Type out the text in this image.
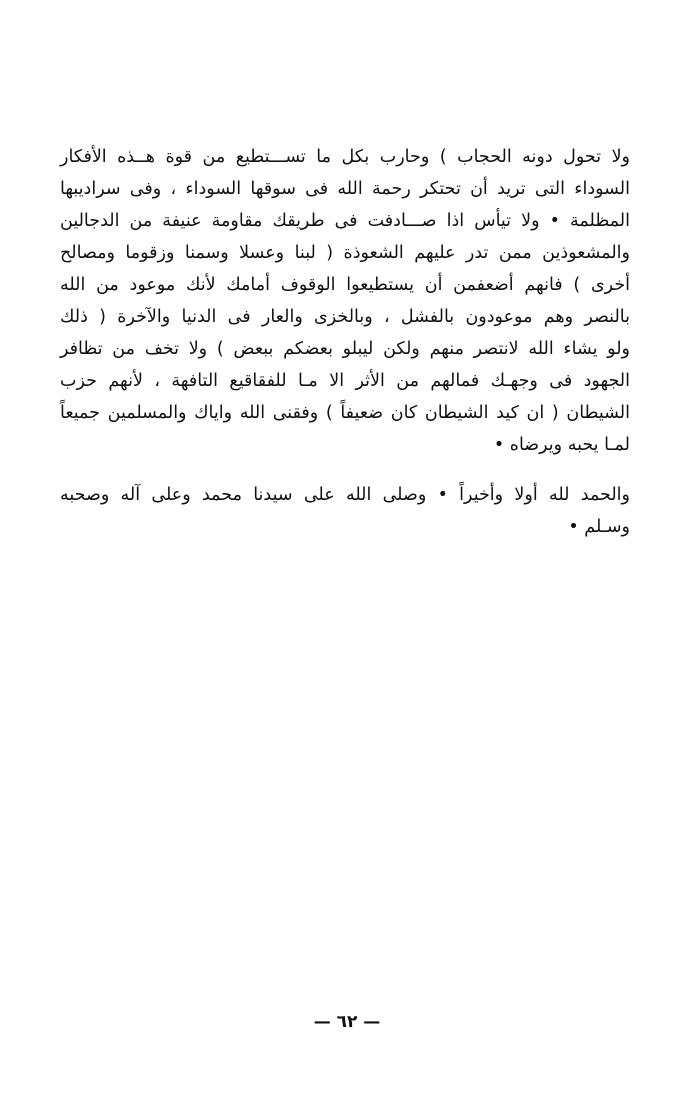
ولا تحول دونه الحجاب ) وحارب بكل ما تســـتطيع من قوة هــذه الأفكار
السوداء التى تريد أن تحتكر رحمة الله فى سوقها السوداء ، وفى سراديبها
المظلمة • ولا تيأس اذا صـــادفت فى طريقك مقاومة عنيفة من الدجالين
والمشعوذين ممن تدر عليهم الشعوذة ( لبنا وعسلا وسمنا وزقوما ومصالح
أخرى ) فانهم أضعفمن أن يستطيعوا الوقوف أمامك لأنك موعود من الله
بالنصر وهم موعودون بالفشل ، وبالخزى والعار فى الدنيا والآخرة ( ذلك
ولو يشاء الله لانتصر منهم ولكن ليبلو بعضكم ببعض ) ولا تخف من تظافر
الجهود فى وجهـك فمالهم من الأثر الا مـا للفقاقيع التافهة ، لأنهم حزب
الشيطان ( ان كيد الشيطان كان ضعيفاً ) وفقنى الله واياك والمسلمين جميعاً
لمـا يحبه ويرضاه •
والحمد لله أولا وأخيراً • وصلى الله على سيدنا محمد وعلى آله وصحبه
وسـلم •
— ٦٢ —
